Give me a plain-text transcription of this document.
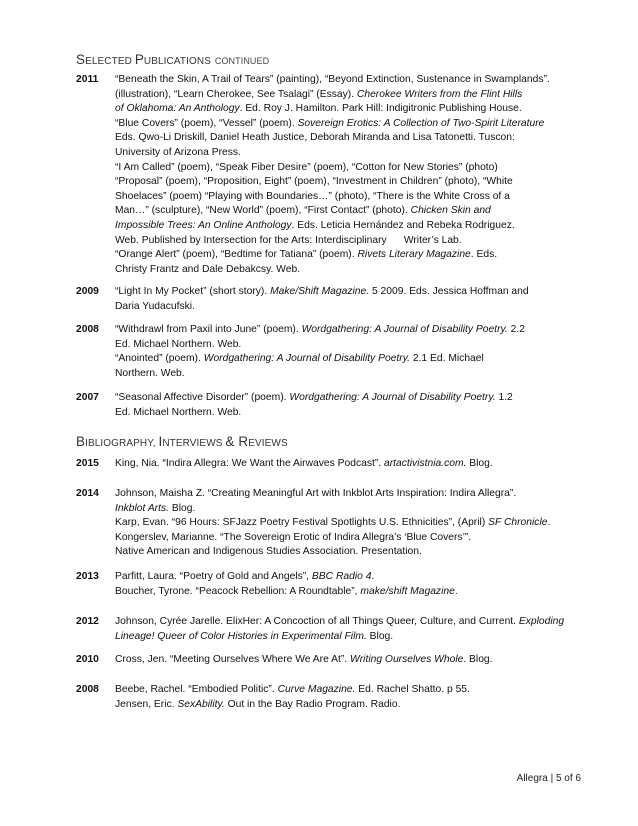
SELECTED PUBLICATIONS CONTINUED
2011 “Beneath the Skin, A Trail of Tears” (painting), “Beyond Extinction, Sustenance in Swamplands”.
(illustration), “Learn Cherokee, See Tsalagi” (Essay). Cherokee Writers from the Flint Hills
of Oklahoma: An Anthology. Ed. Roy J. Hamilton. Park Hill: Indigitronic Publishing House.
“Blue Covers” (poem), “Vessel” (poem). Sovereign Erotics: A Collection of Two-Spirit Literature
Eds. Qwo-Li Driskill, Daniel Heath Justice, Deborah Miranda and Lisa Tatonetti. Tuscon:
University of Arizona Press.
“I Am Called” (poem), “Speak Fiber Desire” (poem), “Cotton for New Stories” (photo)
“Proposal” (poem), “Proposition, Eight” (poem), “Investment in Children” (photo), “White
Shoelaces” (poem) “Playing with Boundaries…” (photo), “There is the White Cross of a
Man…” (sculpture), “New World” (poem), “First Contact” (photo). Chicken Skin and
Impossible Trees: An Online Anthology. Eds. Leticia Hernández and Rebeka Rodriguez.
Web. Published by Intersection for the Arts: Interdisciplinary      Writer’s Lab.
“Orange Alert” (poem), “Bedtime for Tatiana” (poem). Rivets Literary Magazine. Eds.
Christy Frantz and Dale Debakcsy. Web.
2009 “Light In My Pocket” (short story). Make/Shift Magazine. 5 2009. Eds. Jessica Hoffman and
Daria Yudacufski.
2008 “Withdrawl from Paxil into June” (poem). Wordgathering: A Journal of Disability Poetry. 2.2
Ed. Michael Northern. Web.
“Anointed” (poem). Wordgathering: A Journal of Disability Poetry. 2.1 Ed. Michael
Northern. Web.
2007 “Seasonal Affective Disorder” (poem). Wordgathering: A Journal of Disability Poetry. 1.2
Ed. Michael Northern. Web.
BIBLIOGRAPHY, INTERVIEWS & REVIEWS
2015 King, Nia. “Indira Allegra: We Want the Airwaves Podcast”. artactivistnia.com. Blog.
2014 Johnson, Maisha Z. “Creating Meaningful Art with Inkblot Arts Inspiration: Indira Allegra”.
Inkblot Arts. Blog.
Karp, Evan. “96 Hours: SFJazz Poetry Festival Spotlights U.S. Ethnicities”, (April) SF Chronicle.
Kongerslev, Marianne. “The Sovereign Erotic of Indira Allegra’s ‘Blue Covers’”.
Native American and Indigenous Studies Association. Presentation.
2013 Parfitt, Laura. “Poetry of Gold and Angels”, BBC Radio 4.
Boucher, Tyrone. “Peacock Rebellion: A Roundtable”, make/shift Magazine.
2012 Johnson, Cyrée Jarelle. ElixHer: A Concoction of all Things Queer, Culture, and Current. Exploding
Lineage! Queer of Color Histories in Experimental Film. Blog.
2010 Cross, Jen. “Meeting Ourselves Where We Are At”. Writing Ourselves Whole. Blog.
2008 Beebe, Rachel. “Embodied Politic”. Curve Magazine. Ed. Rachel Shatto. p 55.
Jensen, Eric. SexAbility. Out in the Bay Radio Program. Radio.
Allegra | 5 of 6
